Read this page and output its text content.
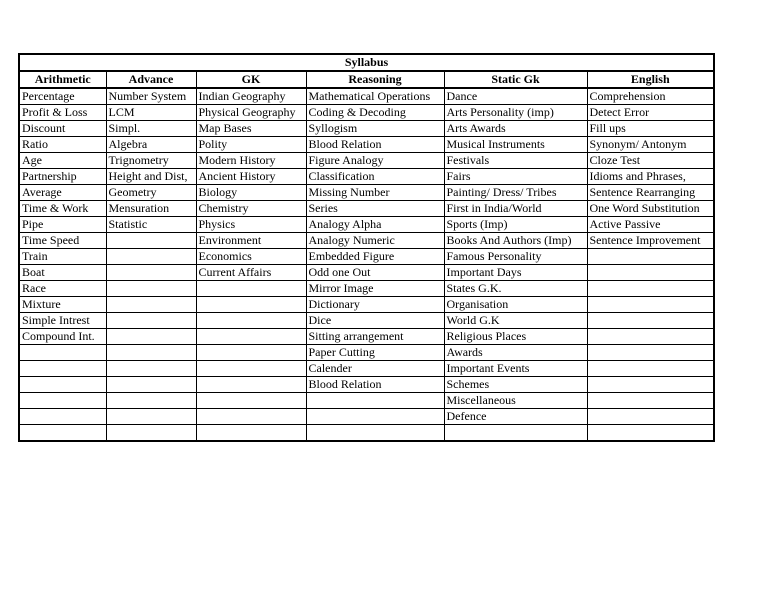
Syllabus					
Arithmetic	Advance	GK	Reasoning	Static Gk	English
Percentage	Number System	Indian Geography	Mathematical Operations	Dance	Comprehension
Profit & Loss	LCM	Physical Geography	Coding & Decoding	Arts Personality (imp)	Detect Error
Discount	Simpl.	Map Bases	Syllogism	Arts Awards	Fill ups
Ratio	Algebra	Polity	Blood Relation	Musical Instruments	Synonym/ Antonym
Age	Trignometry	Modern History	Figure Analogy	Festivals	Cloze Test
Partnership	Height and Dist,	Ancient History	Classification	Fairs	Idioms and Phrases,
Average	Geometry	Biology	Missing Number	Painting/ Dress/ Tribes	Sentence Rearranging
Time & Work	Mensuration	Chemistry	Series	First in India/World	One Word Substitution
Pipe	Statistic	Physics	Analogy Alpha	Sports (Imp)	Active Passive
Time Speed		Environment	Analogy Numeric	Books And Authors (Imp)	Sentence Improvement
Train		Economics	Embedded Figure	Famous Personality	
Boat		Current Affairs	Odd one Out	Important Days	
Race			Mirror Image	States G.K.	
Mixture			Dictionary	Organisation	
Simple Intrest			Dice	World G.K	
Compound Int.			Sitting arrangement	Religious Places	
			Paper Cutting	Awards	
			Calender	Important Events	
			Blood Relation	Schemes	
				Miscellaneous	
				Defence	
